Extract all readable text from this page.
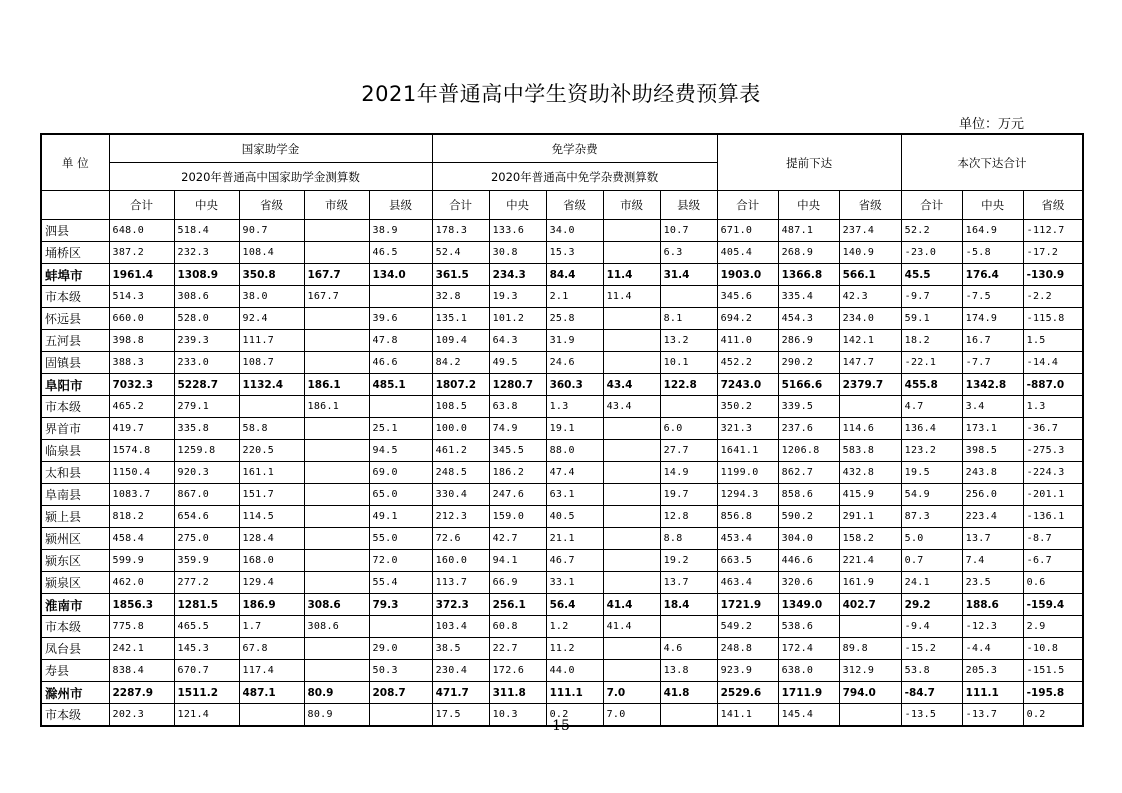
2021年普通高中学生资助补助经费预算表
单位：万元
单 位	国家助学金					免学杂费					提前下达			本次下达合计		
	2020年普通高中国家助学金测算数					2020年普通高中免学杂费测算数										
	合计	中央	省级	市级	县级	合计	中央	省级	市级	县级	合计	中央	省级	合计	中央	省级
泗县	648.0	518.4	90.7		38.9	178.3	133.6	34.0		10.7	671.0	487.1	237.4	52.2	164.9	-112.7
埇桥区	387.2	232.3	108.4		46.5	52.4	30.8	15.3		6.3	405.4	268.9	140.9	-23.0	-5.8	-17.2
蚌埠市	1961.4	1308.9	350.8	167.7	134.0	361.5	234.3	84.4	11.4	31.4	1903.0	1366.8	566.1	45.5	176.4	-130.9
市本级	514.3	308.6	38.0	167.7		32.8	19.3	2.1	11.4		345.6	335.4	42.3	-9.7	-7.5	-2.2
怀远县	660.0	528.0	92.4		39.6	135.1	101.2	25.8		8.1	694.2	454.3	234.0	59.1	174.9	-115.8
五河县	398.8	239.3	111.7		47.8	109.4	64.3	31.9		13.2	411.0	286.9	142.1	18.2	16.7	1.5
固镇县	388.3	233.0	108.7		46.6	84.2	49.5	24.6		10.1	452.2	290.2	147.7	-22.1	-7.7	-14.4
阜阳市	7032.3	5228.7	1132.4	186.1	485.1	1807.2	1280.7	360.3	43.4	122.8	7243.0	5166.6	2379.7	455.8	1342.8	-887.0
市本级	465.2	279.1		186.1		108.5	63.8	1.3	43.4		350.2	339.5		4.7	3.4	1.3
界首市	419.7	335.8	58.8		25.1	100.0	74.9	19.1		6.0	321.3	237.6	114.6	136.4	173.1	-36.7
临泉县	1574.8	1259.8	220.5		94.5	461.2	345.5	88.0		27.7	1641.1	1206.8	583.8	123.2	398.5	-275.3
太和县	1150.4	920.3	161.1		69.0	248.5	186.2	47.4		14.9	1199.0	862.7	432.8	19.5	243.8	-224.3
阜南县	1083.7	867.0	151.7		65.0	330.4	247.6	63.1		19.7	1294.3	858.6	415.9	54.9	256.0	-201.1
颍上县	818.2	654.6	114.5		49.1	212.3	159.0	40.5		12.8	856.8	590.2	291.1	87.3	223.4	-136.1
颍州区	458.4	275.0	128.4		55.0	72.6	42.7	21.1		8.8	453.4	304.0	158.2	5.0	13.7	-8.7
颍东区	599.9	359.9	168.0		72.0	160.0	94.1	46.7		19.2	663.5	446.6	221.4	0.7	7.4	-6.7
颍泉区	462.0	277.2	129.4		55.4	113.7	66.9	33.1		13.7	463.4	320.6	161.9	24.1	23.5	0.6
淮南市	1856.3	1281.5	186.9	308.6	79.3	372.3	256.1	56.4	41.4	18.4	1721.9	1349.0	402.7	29.2	188.6	-159.4
市本级	775.8	465.5	1.7	308.6		103.4	60.8	1.2	41.4		549.2	538.6		-9.4	-12.3	2.9
凤台县	242.1	145.3	67.8		29.0	38.5	22.7	11.2		4.6	248.8	172.4	89.8	-15.2	-4.4	-10.8
寿县	838.4	670.7	117.4		50.3	230.4	172.6	44.0		13.8	923.9	638.0	312.9	53.8	205.3	-151.5
滁州市	2287.9	1511.2	487.1	80.9	208.7	471.7	311.8	111.1	7.0	41.8	2529.6	1711.9	794.0	-84.7	111.1	-195.8
市本级	202.3	121.4		80.9		17.5	10.3	0.2	7.0		141.1	145.4		-13.5	-13.7	0.2
-15-
